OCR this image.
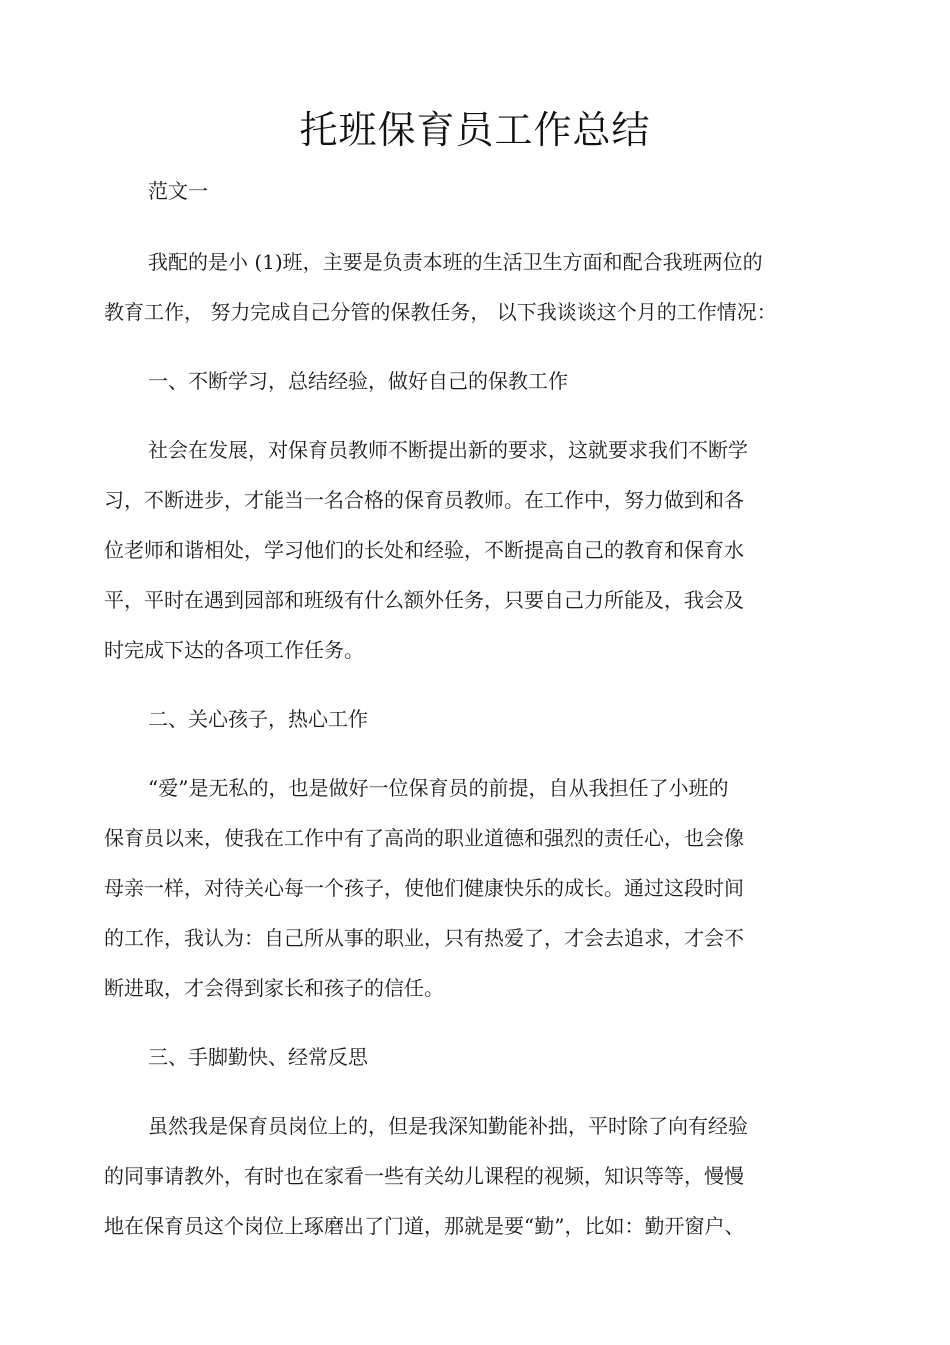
托班保育员工作总结
范文一
我配的是小 (1)班，主要是负责本班的生活卫生方面和配合我班两位的
教育工作， 努力完成自己分管的保教任务， 以下我谈谈这个月的工作情况：
一、不断学习，总结经验，做好自己的保教工作
社会在发展，对保育员教师不断提出新的要求，这就要求我们不断学
习，不断进步，才能当一名合格的保育员教师。在工作中，努力做到和各
位老师和谐相处，学习他们的长处和经验，不断提高自己的教育和保育水
平，平时在遇到园部和班级有什么额外任务，只要自己力所能及，我会及
时完成下达的各项工作任务。
二、关心孩子，热心工作
“爱”是无私的，也是做好一位保育员的前提，自从我担任了小班的
保育员以来，使我在工作中有了高尚的职业道德和强烈的责任心，也会像
母亲一样，对待关心每一个孩子，使他们健康快乐的成长。通过这段时间
的工作，我认为：自己所从事的职业，只有热爱了，才会去追求，才会不
断进取，才会得到家长和孩子的信任。
三、手脚勤快、经常反思
虽然我是保育员岗位上的，但是我深知勤能补拙，平时除了向有经验
的同事请教外，有时也在家看一些有关幼儿课程的视频，知识等等，慢慢
地在保育员这个岗位上琢磨出了门道，那就是要“勤”，比如：勤开窗户、
